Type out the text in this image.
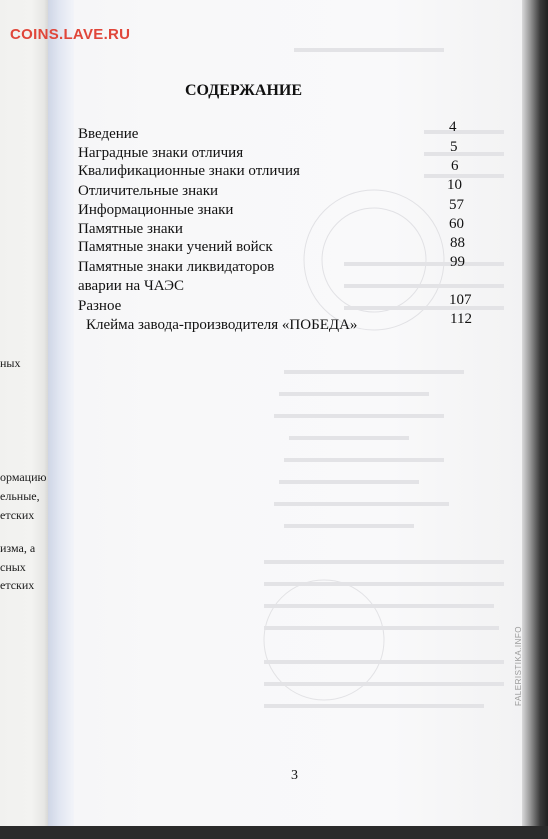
ных
ормацию
ельные,
етских
изма, а
сных
етских
COINS.LAVE.RU
СОДЕРЖАНИЕ
Введение	4
Наградные знаки отличия	5
Квалификационные знаки отличия	6
Отличительные знаки	10
Информационные знаки	57
Памятные знаки	60
Памятные знаки учений войск	88
Памятные знаки ликвидаторов	99
аварии на ЧАЭС
Разное	107
Клейма завода-производителя «ПОБЕДА»	112
3
FALERISTIKA.INFO
